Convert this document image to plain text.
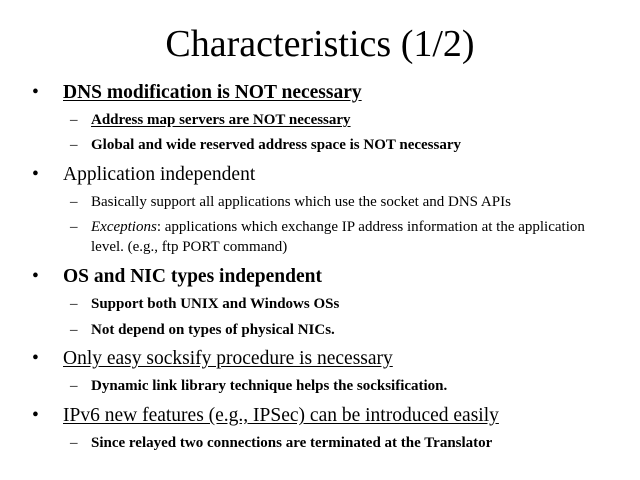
Characteristics (1/2)
• DNS modification is NOT necessary
– Address map servers are NOT necessary
– Global and wide reserved address space is NOT necessary
• Application independent
– Basically support all applications which use the socket and DNS APIs
– Exceptions: applications which exchange IP address information at the application level. (e.g., ftp PORT command)
• OS and NIC types independent
– Support both UNIX and Windows OSs
– Not depend on types of physical NICs.
• Only easy socksify procedure is necessary
– Dynamic link library technique helps the socksification.
• IPv6 new features (e.g., IPSec) can be introduced easily
– Since relayed two connections are terminated at the Translator
